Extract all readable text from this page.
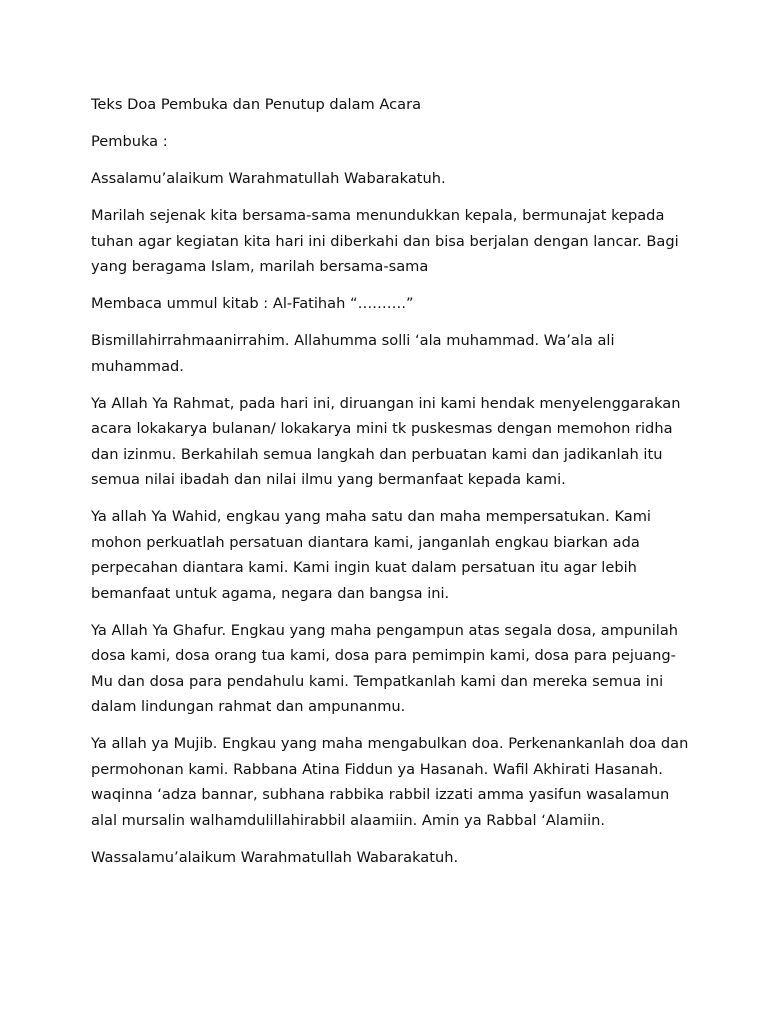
Teks Doa Pembuka dan Penutup dalam Acara

Pembuka :

Assalamu’alaikum Warahmatullah Wabarakatuh.

Marilah sejenak kita bersama-sama menundukkan kepala, bermunajat kepada tuhan agar kegiatan kita hari ini diberkahi dan bisa berjalan dengan lancar. Bagi yang beragama Islam, marilah bersama-sama

Membaca ummul kitab : Al-Fatihah “……….”

Bismillahirrahmaanirrahim. Allahumma solli ‘ala muhammad. Wa’ala ali muhammad.

Ya Allah Ya Rahmat, pada hari ini, diruangan ini kami hendak menyelenggarakan acara lokakarya bulanan/ lokakarya mini tk puskesmas dengan memohon ridha dan izinmu. Berkahilah semua langkah dan perbuatan kami dan jadikanlah itu semua nilai ibadah dan nilai ilmu yang bermanfaat kepada kami.

Ya allah Ya Wahid, engkau yang maha satu dan maha mempersatukan. Kami mohon perkuatlah persatuan diantara kami, janganlah engkau biarkan ada perpecahan diantara kami. Kami ingin kuat dalam persatuan itu agar lebih bemanfaat untuk agama, negara dan bangsa ini.

Ya Allah Ya Ghafur. Engkau yang maha pengampun atas segala dosa, ampunilah dosa kami, dosa orang tua kami, dosa para pemimpin kami, dosa para pejuang-Mu dan dosa para pendahulu kami. Tempatkanlah kami dan mereka semua ini dalam lindungan rahmat dan ampunanmu.

Ya allah ya Mujib. Engkau yang maha mengabulkan doa. Perkenankanlah doa dan permohonan kami. Rabbana Atina Fiddun ya Hasanah. Wafil Akhirati Hasanah. waqinna ‘adza bannar, subhana rabbika rabbil izzati amma yasifun wasalamun alal mursalin walhamdulillahirabbil alaamiin. Amin ya Rabbal ‘Alamiin.

Wassalamu’alaikum Warahmatullah Wabarakatuh.
